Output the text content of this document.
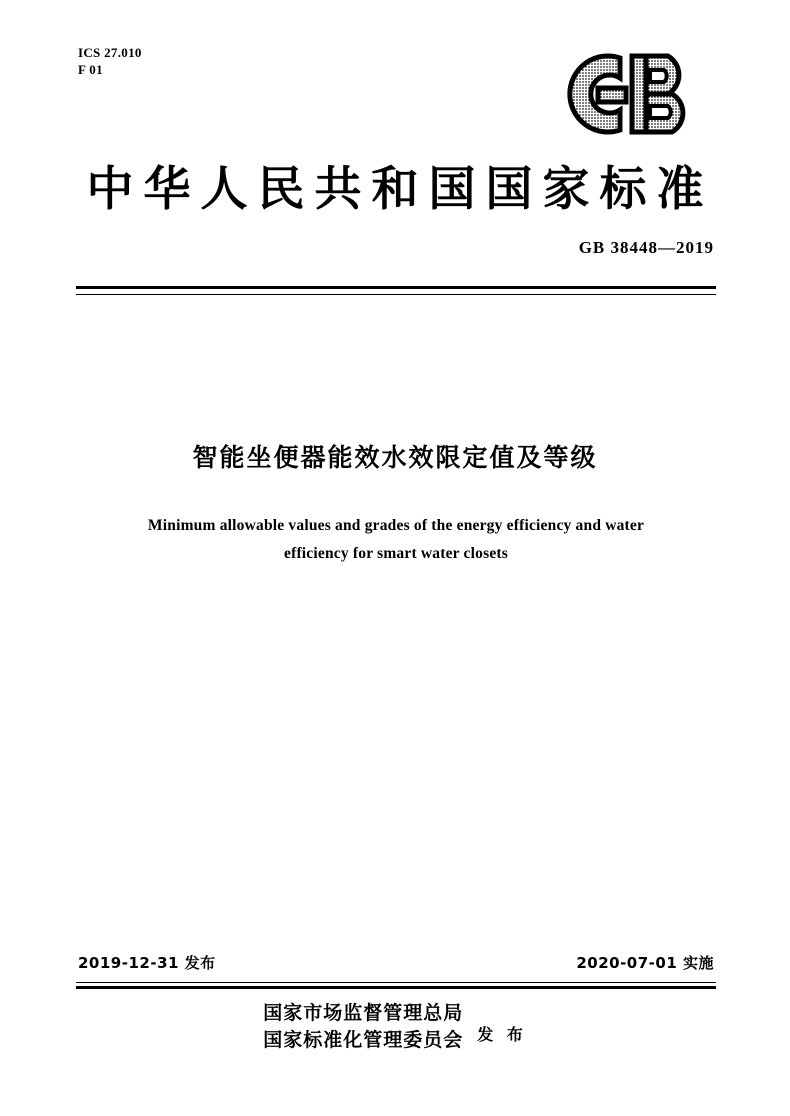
ICS 27.010
F 01
中华人民共和国国家标准
GB 38448—2019
智能坐便器能效水效限定值及等级
Minimum allowable values and grades of the energy efficiency and water
efficiency for smart water closets
2019-12-31 发布	2020-07-01 实施
国家市场监督管理总局
国家标准化管理委员会 发 布
